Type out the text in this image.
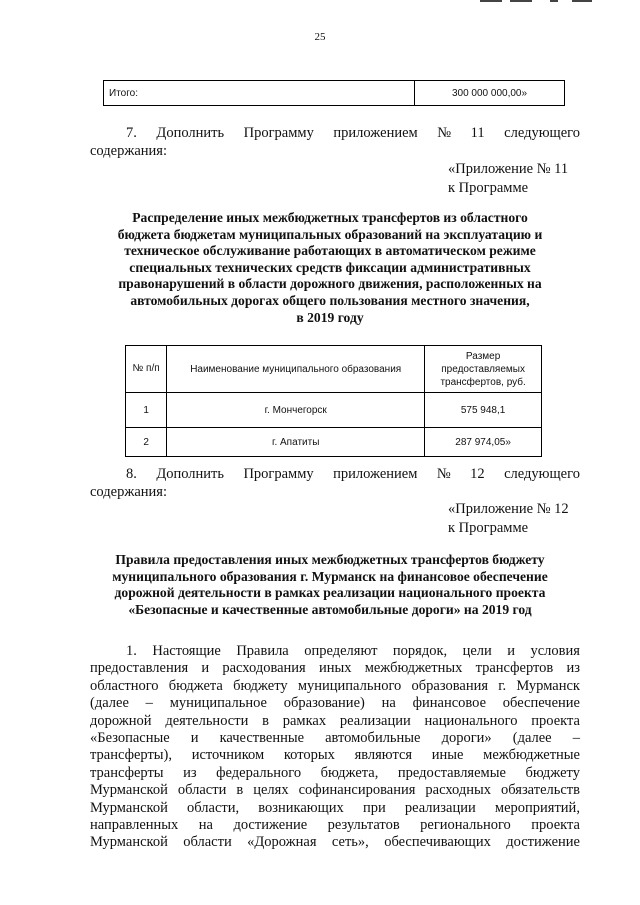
25
Итого:	300 000 000,00»
7. Дополнить Программу приложением № 11 следующего
содержания:
«Приложение № 11
к Программе
Распределение иных межбюджетных трансфертов из областного
бюджета бюджетам муниципальных образований на эксплуатацию и
техническое обслуживание работающих в автоматическом режиме
специальных технических средств фиксации административных
правонарушений в области дорожного движения, расположенных на
автомобильных дорогах общего пользования местного значения,
в 2019 году
№ п/п	Наименование муниципального образования	Размер предоставляемых трансфертов, руб.
1	г. Мончегорск	575 948,1
2	г. Апатиты	287 974,05»
8. Дополнить Программу приложением № 12 следующего
содержания:
«Приложение № 12
к Программе
Правила предоставления иных межбюджетных трансфертов бюджету
муниципального образования г. Мурманск на финансовое обеспечение
дорожной деятельности в рамках реализации национального проекта
«Безопасные и качественные автомобильные дороги» на 2019 год
1. Настоящие Правила определяют порядок, цели и условия
предоставления и расходования иных межбюджетных трансфертов из
областного бюджета бюджету муниципального образования г. Мурманск
(далее – муниципальное образование) на финансовое обеспечение
дорожной деятельности в рамках реализации национального проекта
«Безопасные и качественные автомобильные дороги» (далее –
трансферты), источником которых являются иные межбюджетные
трансферты из федерального бюджета, предоставляемые бюджету
Мурманской области в целях софинансирования расходных обязательств
Мурманской области, возникающих при реализации мероприятий,
направленных на достижение результатов регионального проекта
Мурманской области «Дорожная сеть», обеспечивающих достижение
